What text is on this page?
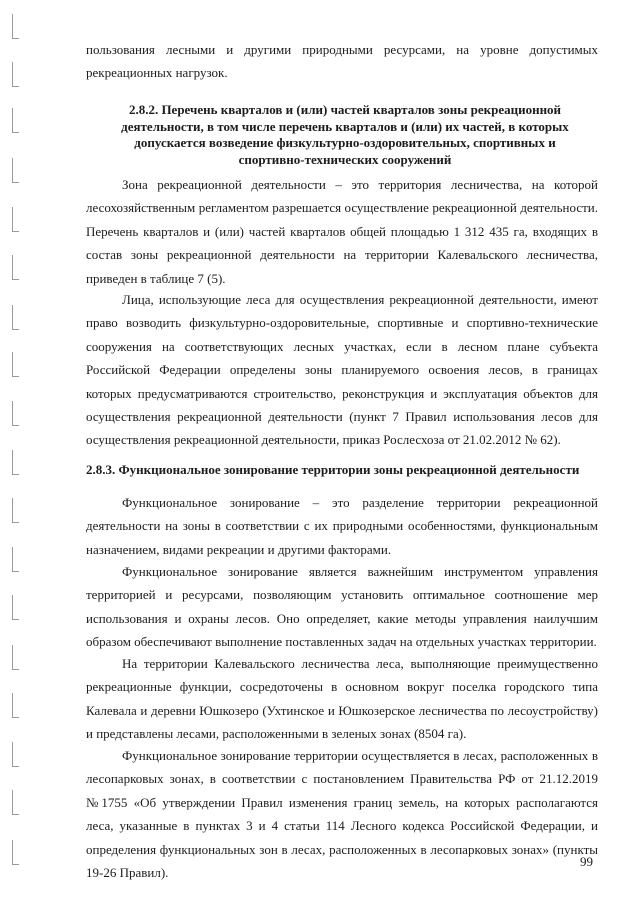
пользования лесными и другими природными ресурсами, на уровне допустимых рекреационных нагрузок.

2.8.2. Перечень кварталов и (или) частей кварталов зоны рекреационной деятельности, в том числе перечень кварталов и (или) их частей, в которых допускается возведение физкультурно-оздоровительных, спортивных и спортивно-технических сооружений

Зона рекреационной деятельности – это территория лесничества, на которой лесохозяйственным регламентом разрешается осуществление рекреационной деятельности. Перечень кварталов и (или) частей кварталов общей площадью 1 312 435 га, входящих в состав зоны рекреационной деятельности на территории Калевальского лесничества, приведен в таблице 7 (5).

Лица, использующие леса для осуществления рекреационной деятельности, имеют право возводить физкультурно-оздоровительные, спортивные и спортивно-технические сооружения на соответствующих лесных участках, если в лесном плане субъекта Российской Федерации определены зоны планируемого освоения лесов, в границах которых предусматриваются строительство, реконструкция и эксплуатация объектов для осуществления рекреационной деятельности (пункт 7 Правил использования лесов для осуществления рекреационной деятельности, приказ Рослесхоза от 21.02.2012 № 62).

2.8.3. Функциональное зонирование территории зоны рекреационной деятельности

Функциональное зонирование – это разделение территории рекреационной деятельности на зоны в соответствии с их природными особенностями, функциональным назначением, видами рекреации и другими факторами.

Функциональное зонирование является важнейшим инструментом управления территорией и ресурсами, позволяющим установить оптимальное соотношение мер использования и охраны лесов. Оно определяет, какие методы управления наилучшим образом обеспечивают выполнение поставленных задач на отдельных участках территории.

На территории Калевальского лесничества леса, выполняющие преимущественно рекреационные функции, сосредоточены в основном вокруг поселка городского типа Калевала и деревни Юшкозеро (Ухтинское и Юшкозерское лесничества по лесоустройству) и представлены лесами, расположенными в зеленых зонах (8504 га).

Функциональное зонирование территории осуществляется в лесах, расположенных в лесопарковых зонах, в соответствии с постановлением Правительства РФ от 21.12.2019 №1755 «Об утверждении Правил изменения границ земель, на которых располагаются леса, указанные в пунктах 3 и 4 статьи 114 Лесного кодекса Российской Федерации, и определения функциональных зон в лесах, расположенных в лесопарковых зонах» (пункты 19-26 Правил).

99
